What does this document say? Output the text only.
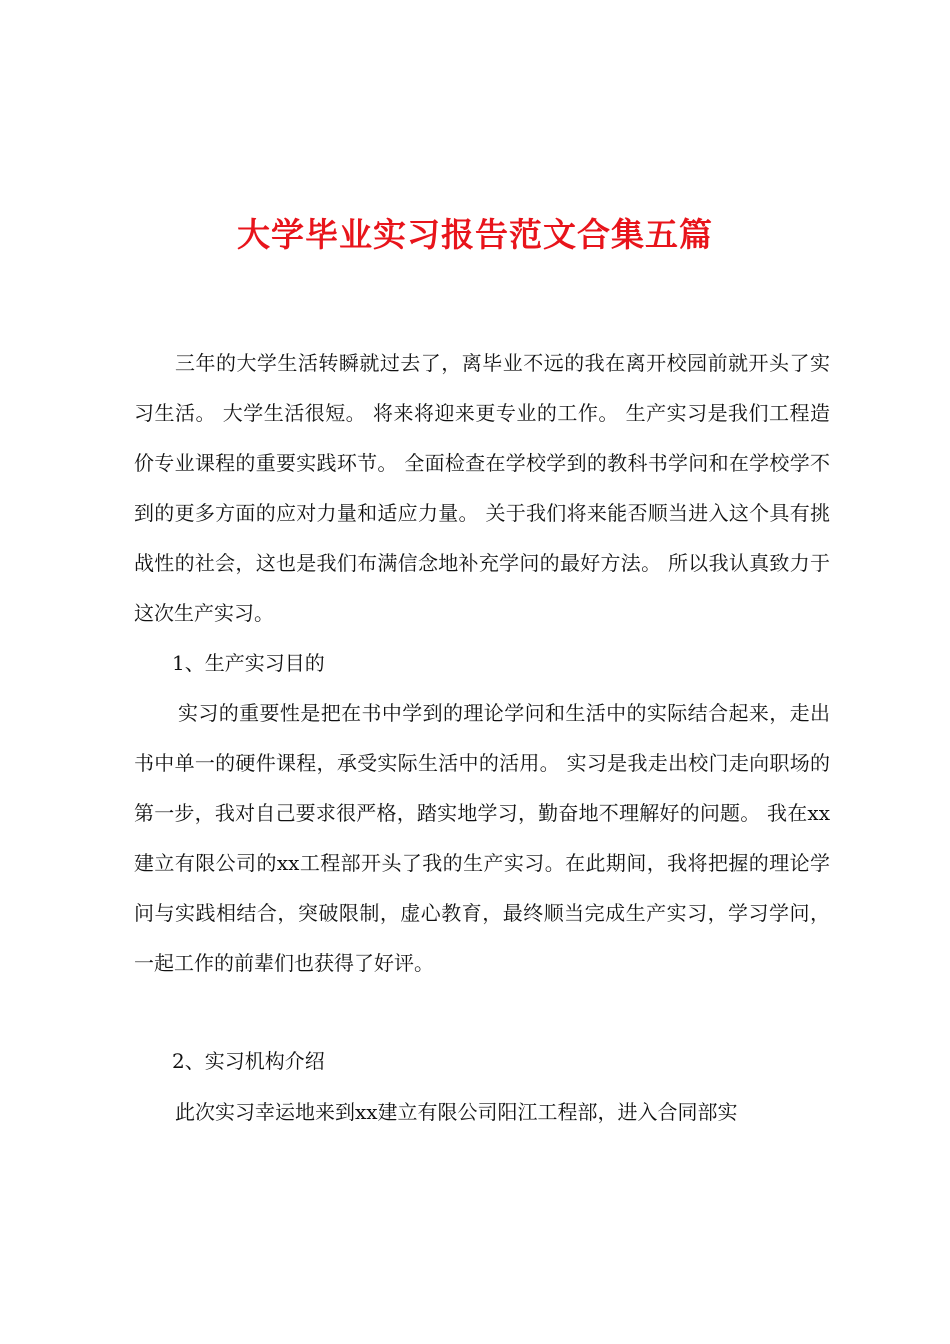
大学毕业实习报告范文合集五篇

三年的大学生活转瞬就过去了，离毕业不远的我在离开校园前就开头了实习生活。 大学生活很短。 将来将迎来更专业的工作。 生产实习是我们工程造价专业课程的重要实践环节。 全面检查在学校学到的教科书学问和在学校学不到的更多方面的应对力量和适应力量。 关于我们将来能否顺当进入这个具有挑战性的社会，这也是我们布满信念地补充学问的最好方法。 所以我认真致力于这次生产实习。

1、生产实习目的

实习的重要性是把在书中学到的理论学问和生活中的实际结合起来，走出书中单一的硬件课程，承受实际生活中的活用。 实习是我走出校门走向职场的第一步，我对自己要求很严格，踏实地学习，勤奋地不理解好的问题。 我在xx建立有限公司的xx工程部开头了我的生产实习。在此期间，我将把握的理论学问与实践相结合，突破限制，虚心教育，最终顺当完成生产实习，学习学问，一起工作的前辈们也获得了好评。

2、实习机构介绍

此次实习幸运地来到xx建立有限公司阳江工程部，进入合同部实
